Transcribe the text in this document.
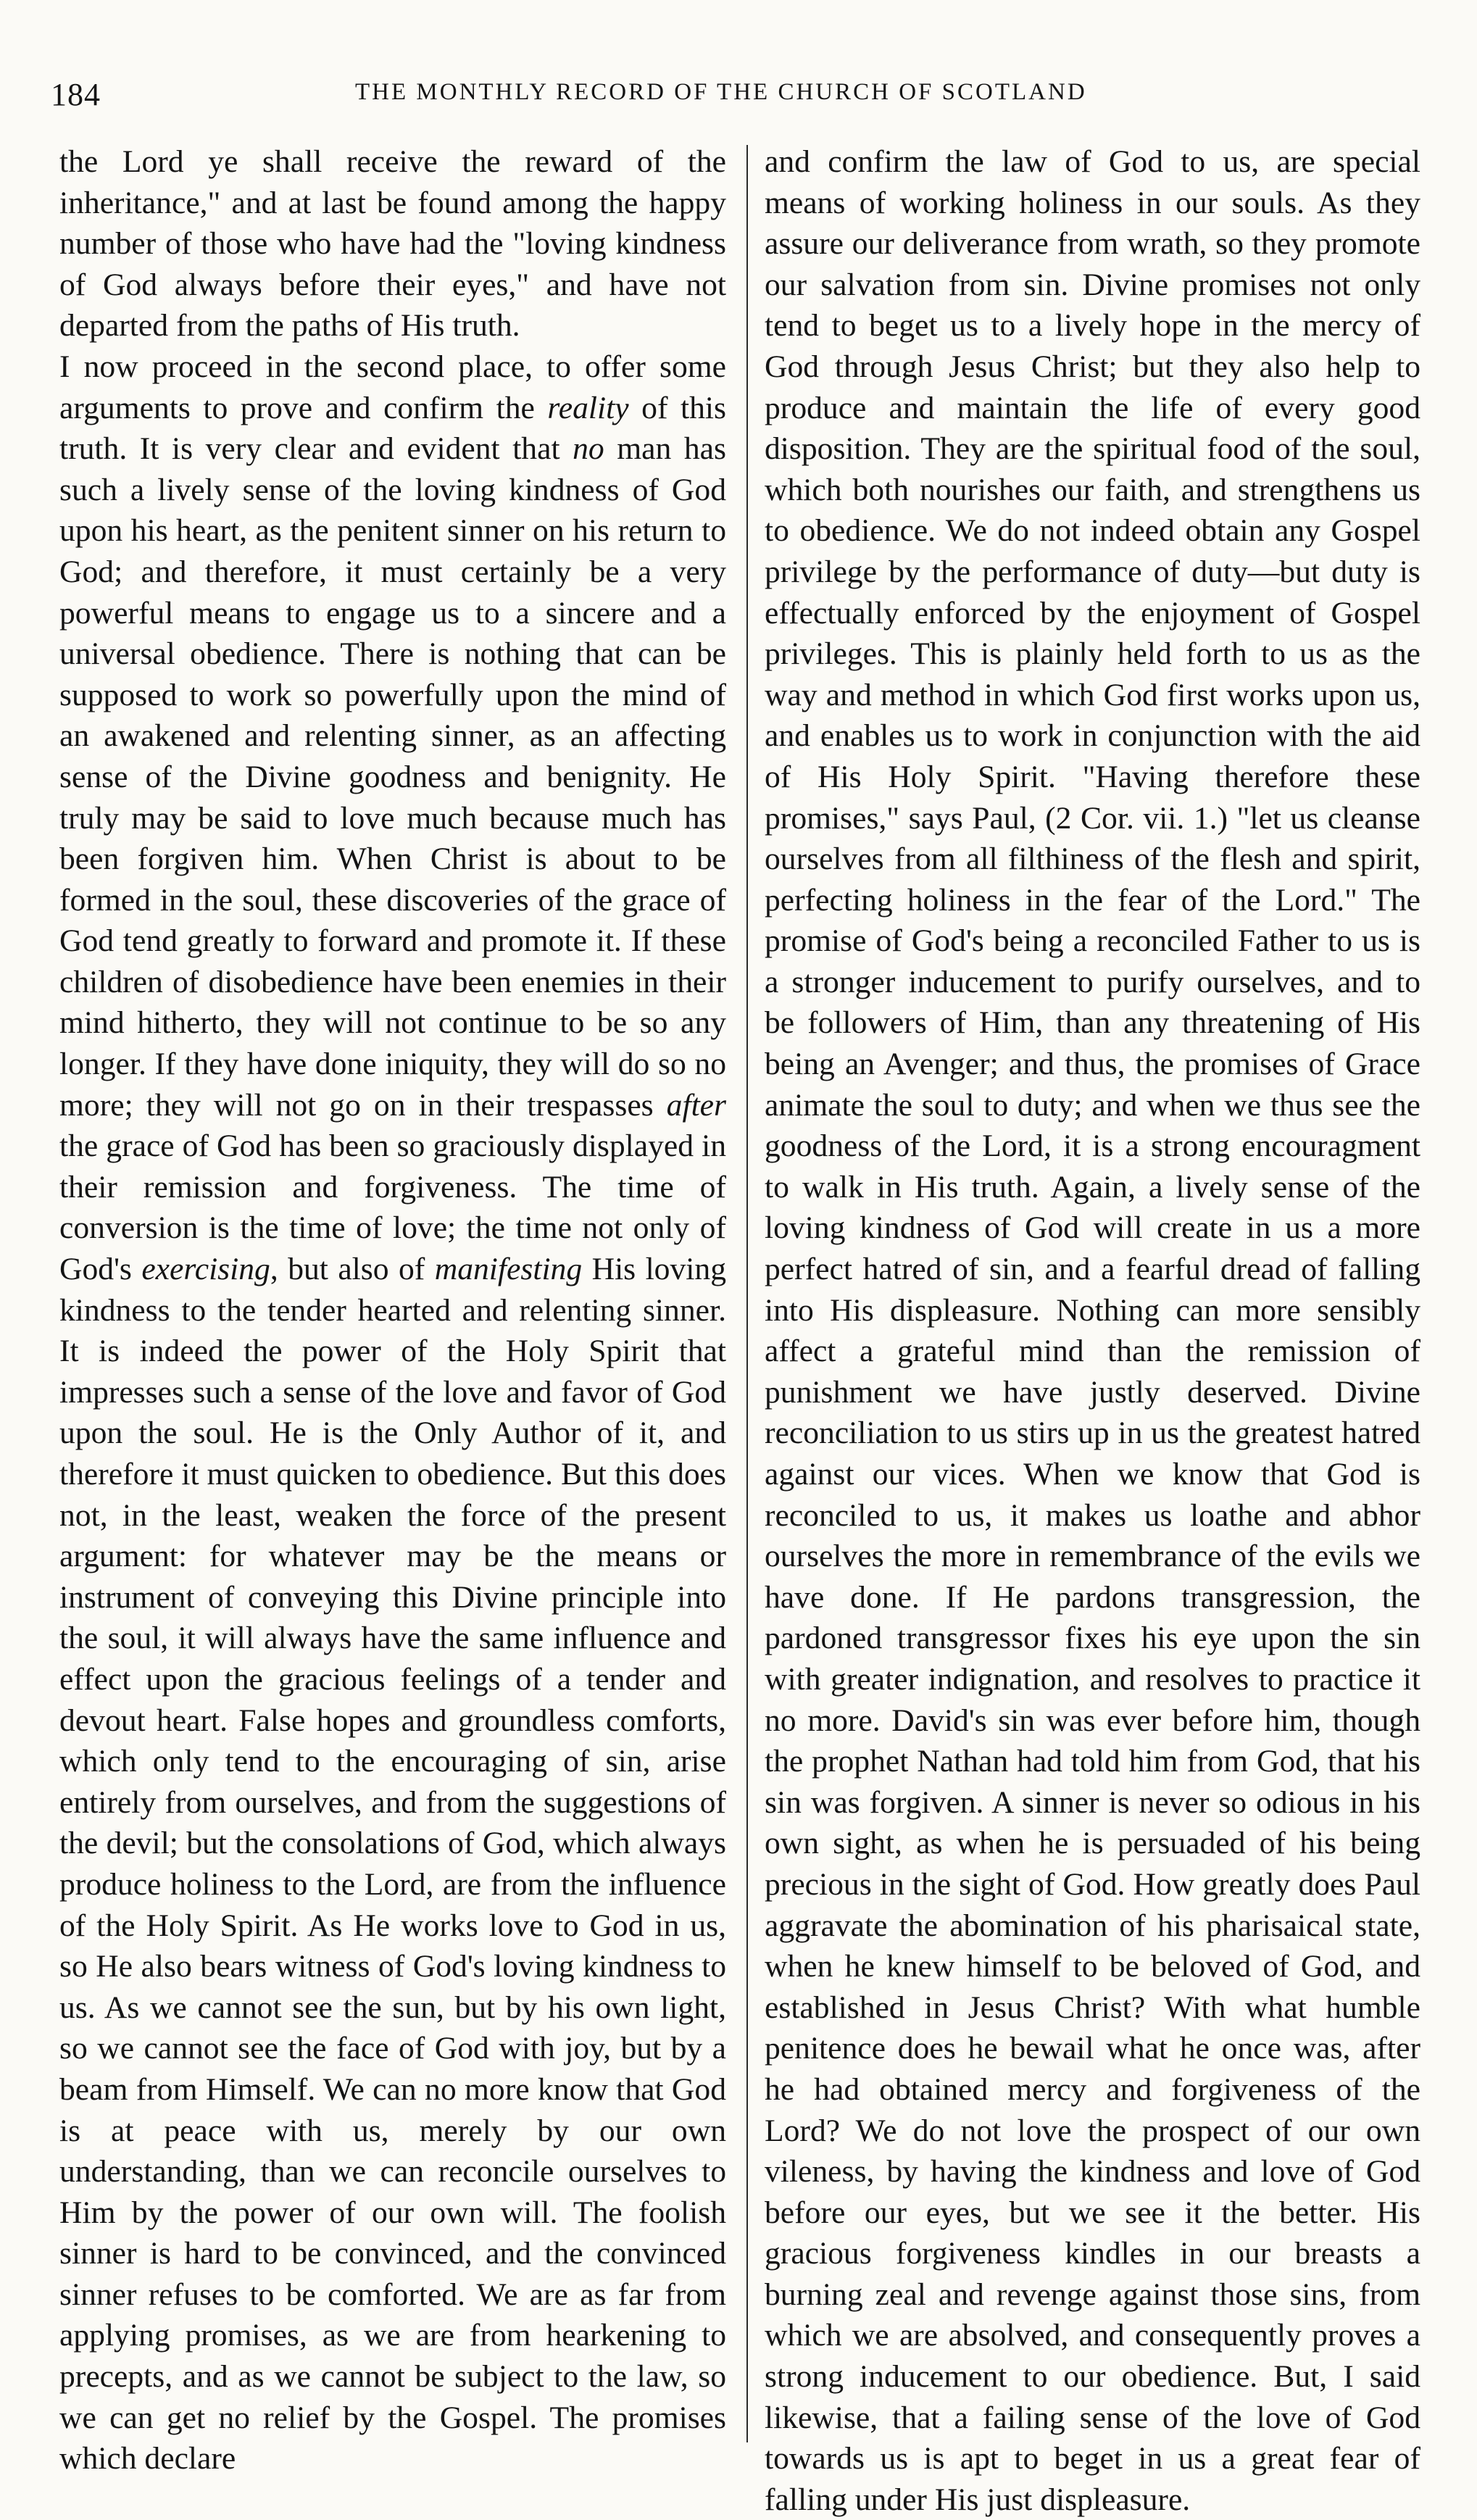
184	THE MONTHLY RECORD OF THE CHURCH OF SCOTLAND

the Lord ye shall receive the reward of the inheritance," and at last be found among the happy number of those who have had the "loving kindness of God always before their eyes," and have not departed from the paths of His truth.

I now proceed in the second place, to offer some arguments to prove and confirm the reality of this truth. It is very clear and evident that no man has such a lively sense of the loving kindness of God upon his heart, as the penitent sinner on his return to God; and therefore, it must certainly be a very powerful means to engage us to a sincere and a universal obedience. There is nothing that can be supposed to work so powerfully upon the mind of an awakened and relenting sinner, as an affecting sense of the Divine goodness and benignity. He truly may be said to love much because much has been forgiven him. When Christ is about to be formed in the soul, these discoveries of the grace of God tend greatly to forward and promote it. If these children of disobedience have been enemies in their mind hitherto, they will not continue to be so any longer. If they have done iniquity, they will do so no more; they will not go on in their trespasses after the grace of God has been so graciously displayed in their remission and forgiveness. The time of conversion is the time of love; the time not only of God's exercising, but also of manifesting His loving kindness to the tender hearted and relenting sinner. It is indeed the power of the Holy Spirit that impresses such a sense of the love and favor of God upon the soul. He is the Only Author of it, and therefore it must quicken to obedience. But this does not, in the least, weaken the force of the present argument: for whatever may be the means or instrument of conveying this Divine principle into the soul, it will always have the same influence and effect upon the gracious feelings of a tender and devout heart. False hopes and groundless comforts, which only tend to the encouraging of sin, arise entirely from ourselves, and from the suggestions of the devil; but the consolations of God, which always produce holiness to the Lord, are from the influence of the Holy Spirit. As He works love to God in us, so He also bears witness of God's loving kindness to us. As we cannot see the sun, but by his own light, so we cannot see the face of God with joy, but by a beam from Himself. We can no more know that God is at peace with us, merely by our own understanding, than we can reconcile ourselves to Him by the power of our own will. The foolish sinner is hard to be convinced, and the convinced sinner refuses to be comforted. We are as far from applying promises, as we are from hearkening to precepts, and as we cannot be subject to the law, so we can get no relief by the Gospel. The promises which declare

and confirm the law of God to us, are special means of working holiness in our souls. As they assure our deliverance from wrath, so they promote our salvation from sin. Divine promises not only tend to beget us to a lively hope in the mercy of God through Jesus Christ; but they also help to produce and maintain the life of every good disposition. They are the spiritual food of the soul, which both nourishes our faith, and strengthens us to obedience. We do not indeed obtain any Gospel privilege by the performance of duty—but duty is effectually enforced by the enjoyment of Gospel privileges. This is plainly held forth to us as the way and method in which God first works upon us, and enables us to work in conjunction with the aid of His Holy Spirit. "Having therefore these promises," says Paul, (2 Cor. vii. 1.) "let us cleanse ourselves from all filthiness of the flesh and spirit, perfecting holiness in the fear of the Lord." The promise of God's being a reconciled Father to us is a stronger inducement to purify ourselves, and to be followers of Him, than any threatening of His being an Avenger; and thus, the promises of Grace animate the soul to duty; and when we thus see the goodness of the Lord, it is a strong encouragment to walk in His truth. Again, a lively sense of the loving kindness of God will create in us a more perfect hatred of sin, and a fearful dread of falling into His displeasure. Nothing can more sensibly affect a grateful mind than the remission of punishment we have justly deserved. Divine reconciliation to us stirs up in us the greatest hatred against our vices. When we know that God is reconciled to us, it makes us loathe and abhor ourselves the more in remembrance of the evils we have done. If He pardons transgression, the pardoned transgressor fixes his eye upon the sin with greater indignation, and resolves to practice it no more. David's sin was ever before him, though the prophet Nathan had told him from God, that his sin was forgiven. A sinner is never so odious in his own sight, as when he is persuaded of his being precious in the sight of God. How greatly does Paul aggravate the abomination of his pharisaical state, when he knew himself to be beloved of God, and established in Jesus Christ? With what humble penitence does he bewail what he once was, after he had obtained mercy and forgiveness of the Lord? We do not love the prospect of our own vileness, by having the kindness and love of God before our eyes, but we see it the better. His gracious forgiveness kindles in our breasts a burning zeal and revenge against those sins, from which we are absolved, and consequently proves a strong inducement to our obedience. But, I said likewise, that a failing sense of the love of God towards us is apt to beget in us a great fear of falling under His just displeasure.
